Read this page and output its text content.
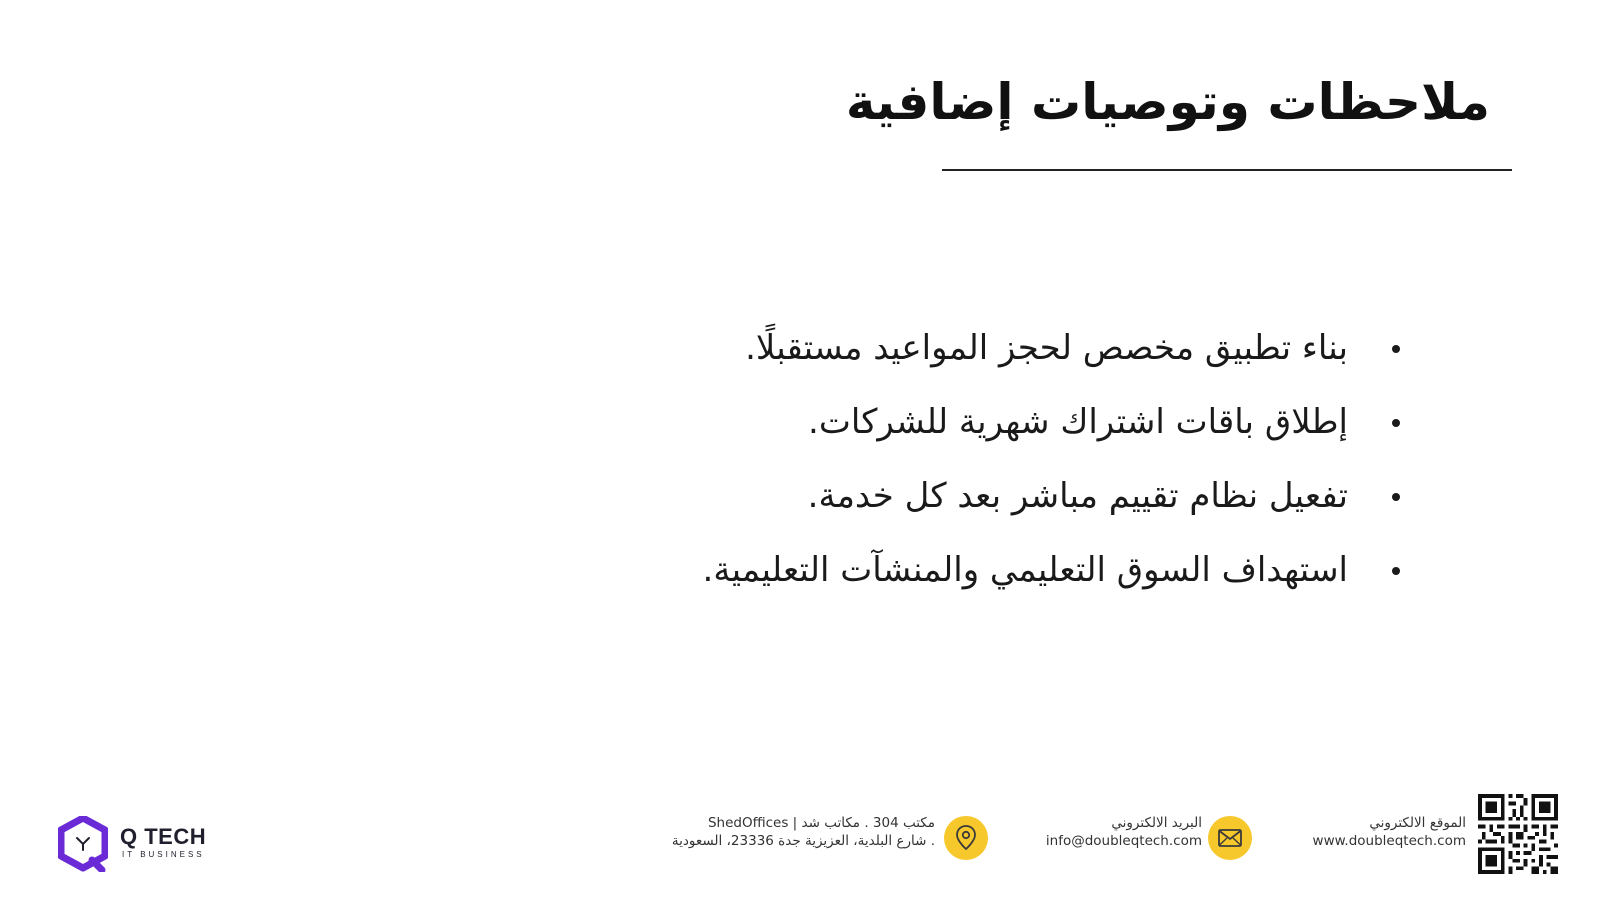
ملاحظات وتوصيات إضافية
بناء تطبيق مخصص لحجز المواعيد مستقبلًا.
إطلاق باقات اشتراك شهرية للشركات.
تفعيل نظام تقييم مباشر بعد كل خدمة.
استهداف السوق التعليمي والمنشآت التعليمية.
Q TECH
IT BUSINESS
مكتب 304 . مكاتب شد | ShedOffices
. شارع البلدية، العزيزية جدة 23336، السعودية
البريد الالكتروني
info@doubleqtech.com
الموقع الالكتروني
www.doubleqtech.com
